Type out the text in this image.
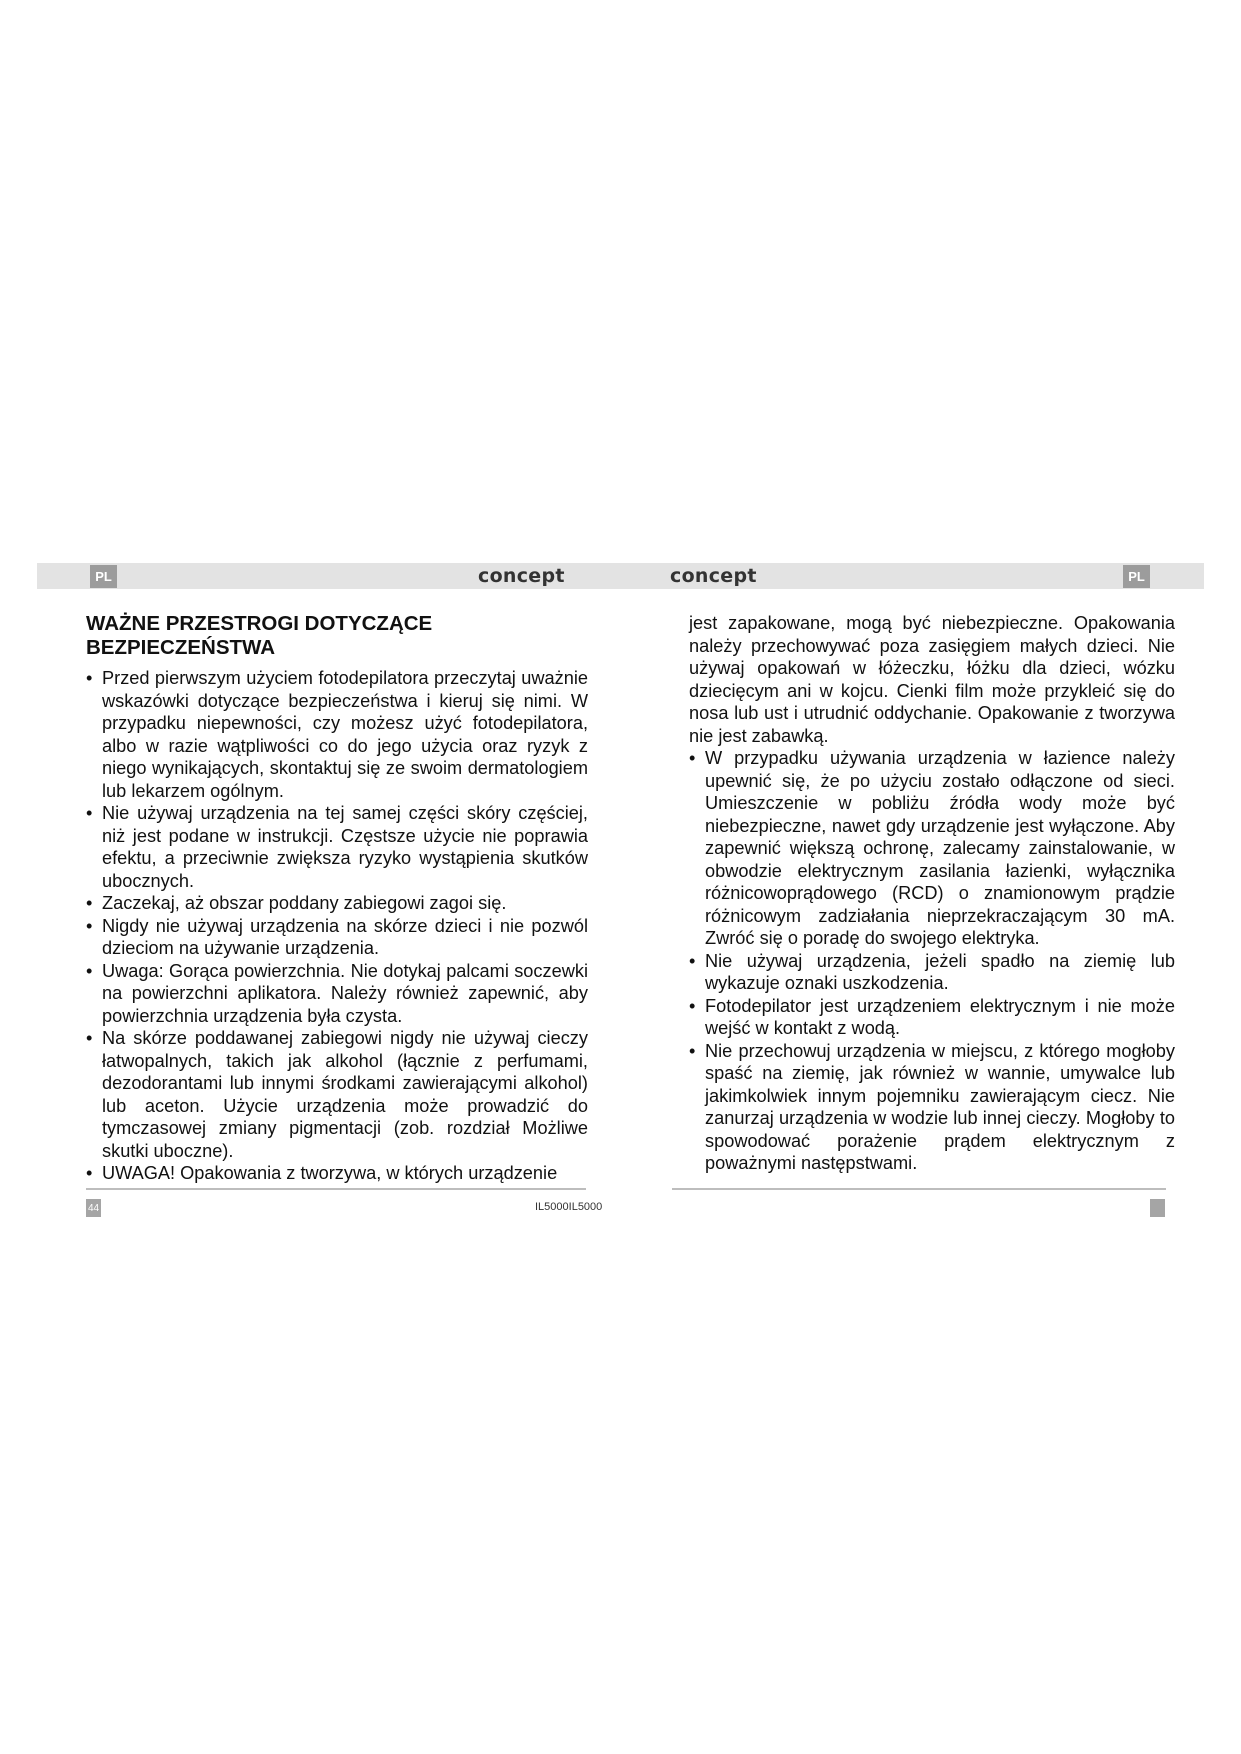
PL	concept	concept	PL
WAŻNE PRZESTROGI DOTYCZĄCE
BEZPIECZEŃSTWA
• Przed pierwszym użyciem fotodepilatora przeczytaj uważnie wskazówki dotyczące bezpieczeństwa i kieruj się nimi. W przypadku niepewności, czy możesz użyć fotodepilatora, albo w razie wątpliwości co do jego użycia oraz ryzyk z niego wynikających, skontaktuj się ze swoim dermatologiem lub lekarzem ogólnym.
• Nie używaj urządzenia na tej samej części skóry częściej, niż jest podane w instrukcji. Częstsze użycie nie poprawia efektu, a przeciwnie zwiększa ryzyko wystąpienia skutków ubocznych.
• Zaczekaj, aż obszar poddany zabiegowi zagoi się.
• Nigdy nie używaj urządzenia na skórze dzieci i nie pozwól dzieciom na używanie urządzenia.
• Uwaga: Gorąca powierzchnia. Nie dotykaj palcami soczewki na powierzchni aplikatora. Należy również zapewnić, aby powierzchnia urządzenia była czysta.
• Na skórze poddawanej zabiegowi nigdy nie używaj cieczy łatwopalnych, takich jak alkohol (łącznie z perfumami, dezodorantami lub innymi środkami zawierającymi alkohol) lub aceton. Użycie urządzenia może prowadzić do tymczasowej zmiany pigmentacji (zob. rozdział Możliwe skutki uboczne).
• UWAGA! Opakowania z tworzywa, w których urządzenie

jest zapakowane, mogą być niebezpieczne. Opakowania należy przechowywać poza zasięgiem małych dzieci. Nie używaj opakowań w łóżeczku, łóżku dla dzieci, wózku dziecięcym ani w kojcu. Cienki film może przykleić się do nosa lub ust i utrudnić oddychanie. Opakowanie z tworzywa nie jest zabawką.

• W przypadku używania urządzenia w łazience należy upewnić się, że po użyciu zostało odłączone od sieci. Umieszczenie w pobliżu źródła wody może być niebezpieczne, nawet gdy urządzenie jest wyłączone. Aby zapewnić większą ochronę, zalecamy zainstalowanie, w obwodzie elektrycznym zasilania łazienki, wyłącznika różnicowoprądowego (RCD) o znamionowym prądzie różnicowym zadziałania nieprzekraczającym 30 mA. Zwróć się o poradę do swojego elektryka.
• Nie używaj urządzenia, jeżeli spadło na ziemię lub wykazuje oznaki uszkodzenia.
• Fotodepilator jest urządzeniem elektrycznym i nie może wejść w kontakt z wodą.
• Nie przechowuj urządzenia w miejscu, z którego mogłoby spaść na ziemię, jak również w wannie, umywalce lub jakimkolwiek innym pojemniku zawierającym ciecz. Nie zanurzaj urządzenia w wodzie lub innej cieczy. Mogłoby to spowodować porażenie prądem elektrycznym z poważnymi następstwami.
44	IL5000IL5000
